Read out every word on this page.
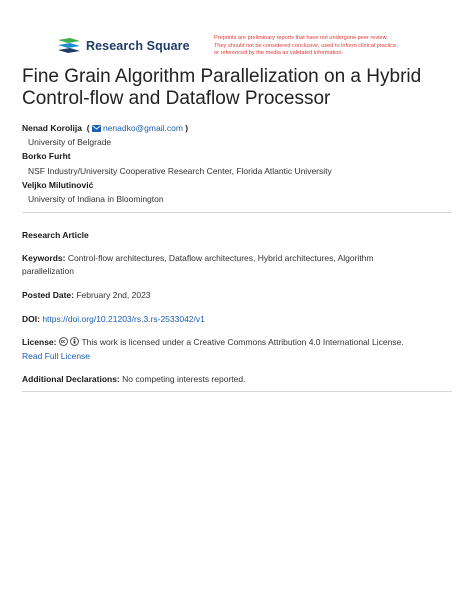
Research Square
Preprints are preliminary reports that have not undergone peer review.
They should not be considered conclusive, used to inform clinical practice,
or referenced by the media as validated information.
Fine Grain Algorithm Parallelization on a Hybrid
Control-flow and Dataflow Processor
Nenad Korolija  ( nenadko@gmail.com )
University of Belgrade
Borko Furht
NSF Industry/University Cooperative Research Center, Florida Atlantic University
Veljko Milutinović
University of Indiana in Bloomington
Research Article
Keywords: Control-flow architectures, Dataflow architectures, Hybrid architectures, Algorithm
parallelization
Posted Date: February 2nd, 2023
DOI: https://doi.org/10.21203/rs.3.rs-2533042/v1
License:	This work is licensed under a Creative Commons Attribution 4.0 International License.
Read Full License
Additional Declarations: No competing interests reported.
